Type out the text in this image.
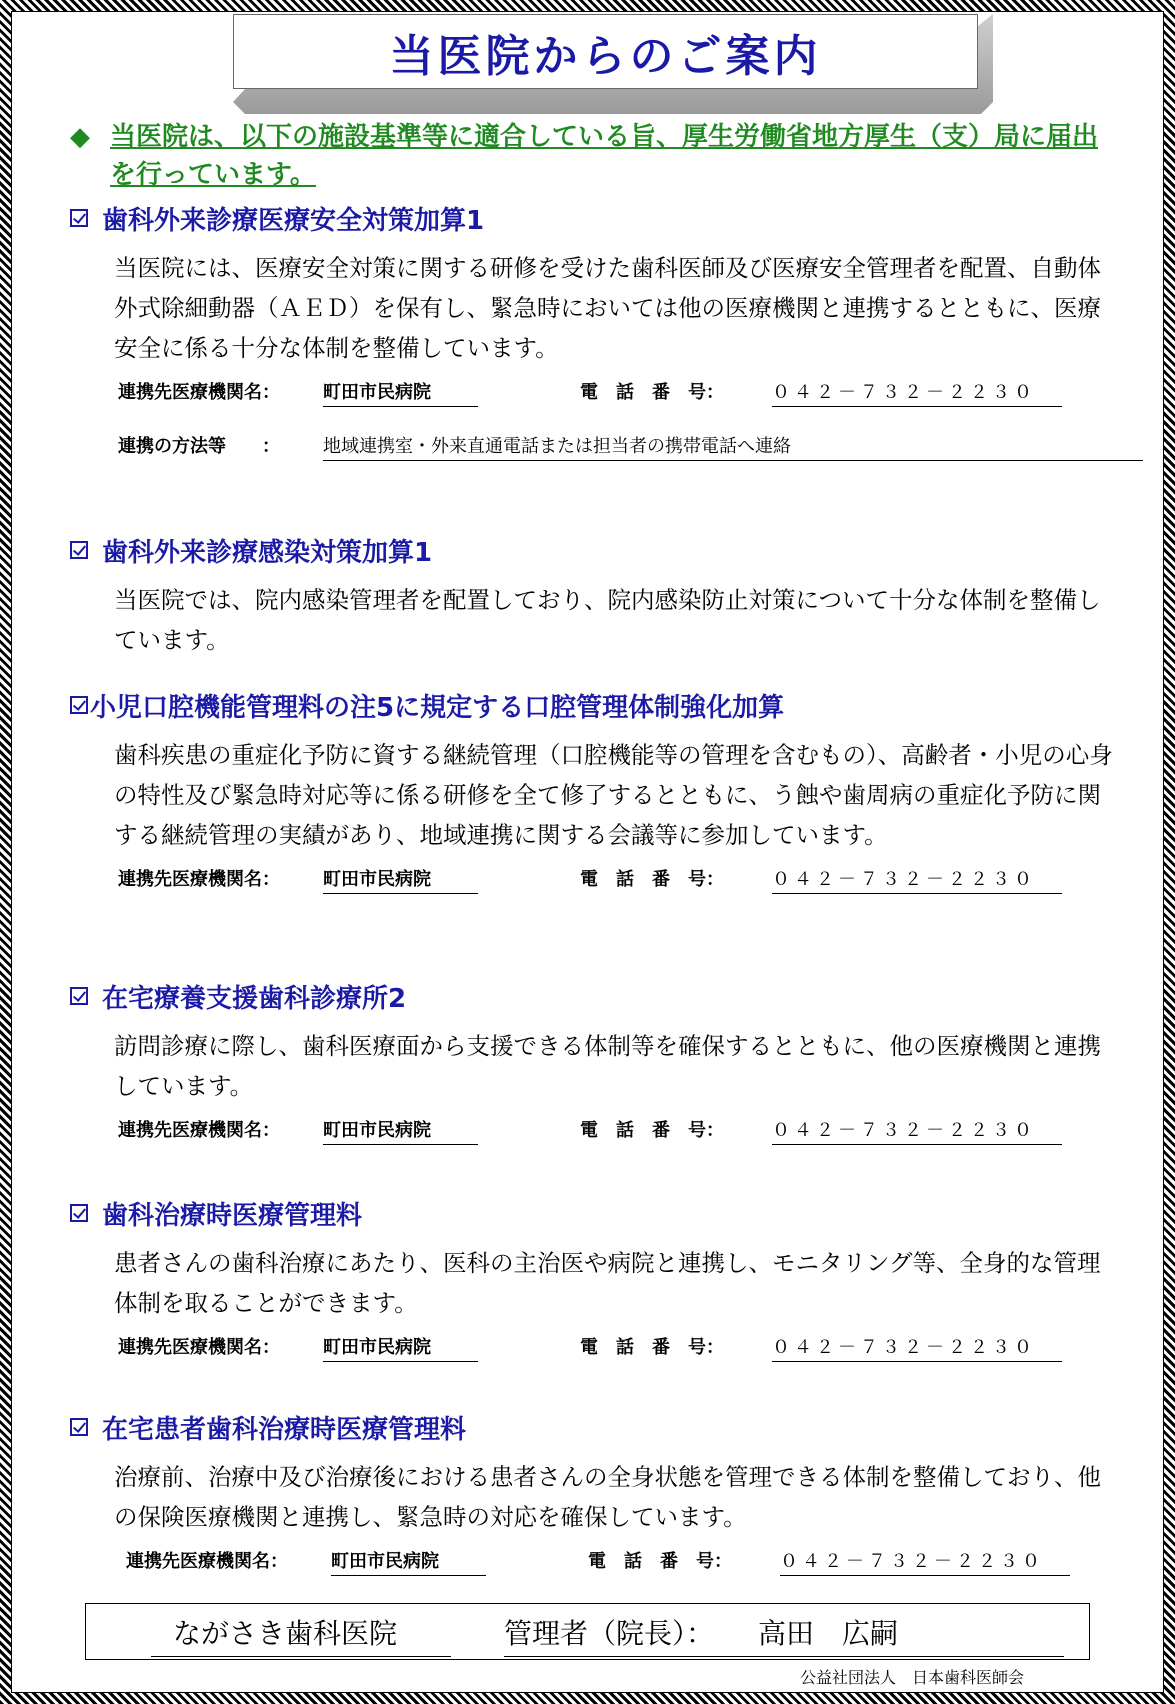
当医院からのご案内
◆ 当医院は、以下の施設基準等に適合している旨、厚生労働省地方厚生（支）局に届出を行っています。
歯科外来診療医療安全対策加算1
当医院には、医療安全対策に関する研修を受けた歯科医師及び医療安全管理者を配置、自動体外式除細動器（ＡＥＤ）を保有し、緊急時においては他の医療機関と連携するとともに、医療安全に係る十分な体制を整備しています。
連携先医療機関名： 町田市民病院	電　話　番　号：	０４２－７３２－２２３０
連携の方法等　　： 地域連携室・外来直通電話または担当者の携帯電話へ連絡
歯科外来診療感染対策加算1
当医院では、院内感染管理者を配置しており、院内感染防止対策について十分な体制を整備しています。
小児口腔機能管理料の注5に規定する口腔管理体制強化加算
歯科疾患の重症化予防に資する継続管理（口腔機能等の管理を含むもの）、高齢者・小児の心身の特性及び緊急時対応等に係る研修を全て修了するとともに、う蝕や歯周病の重症化予防に関する継続管理の実績があり、地域連携に関する会議等に参加しています。
連携先医療機関名： 町田市民病院	電　話　番　号：	０４２－７３２－２２３０
在宅療養支援歯科診療所2
訪問診療に際し、歯科医療面から支援できる体制等を確保するとともに、他の医療機関と連携しています。
連携先医療機関名： 町田市民病院	電　話　番　号：	０４２－７３２－２２３０
歯科治療時医療管理料
患者さんの歯科治療にあたり、医科の主治医や病院と連携し、モニタリング等、全身的な管理体制を取ることができます。
連携先医療機関名： 町田市民病院	電　話　番　号：	０４２－７３２－２２３０
在宅患者歯科治療時医療管理料
治療前、治療中及び治療後における患者さんの全身状態を管理できる体制を整備しており、他の保険医療機関と連携し、緊急時の対応を確保しています。
連携先医療機関名： 町田市民病院	電　話　番　号：	０４２－７３２－２２３０
ながさき歯科医院	管理者（院長）： 高田　広嗣
公益社団法人　日本歯科医師会
